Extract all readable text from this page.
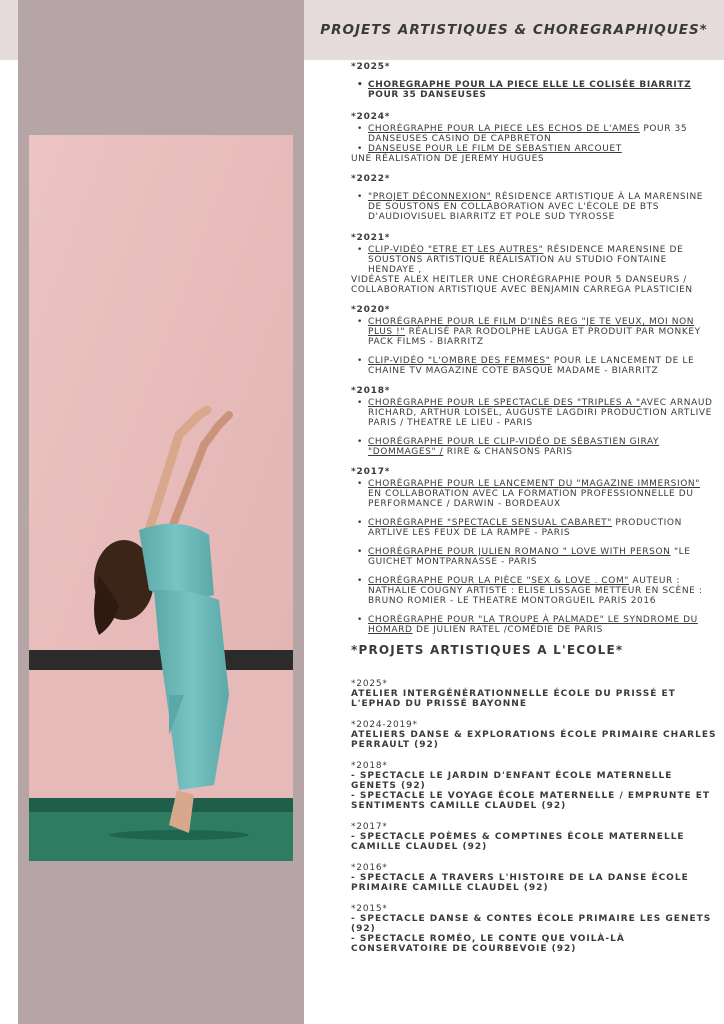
PROJETS ARTISTIQUES & CHOREGRAPHIQUES*
*2025*
• CHOREGRAPHE POUR LA PIECE ELLE LE COLISÉE BIARRITZ
POUR 35 DANSEUSES
*2024*
• CHORÉGRAPHE POUR LA PIECE LES ECHOS DE L'AMES POUR 35 DANSEUSES CASINO DE CAPBRETON
• DANSEUSE POUR LE FILM DE SEBASTIEN ARCOUET
UNE RÉALISATION DE JEREMY HUGUES
*2022*
• "PROJET DÉCONNEXION" RÉSIDENCE ARTISTIQUE À LA MARENSINE DE SOUSTONS EN COLLABORATION AVEC L'ÉCOLE DE BTS D'AUDIOVISUEL BIARRITZ ET POLE SUD TYROSSE
*2021*
• CLIP-VIDÉO "ETRE ET LES AUTRES" RÉSIDENCE MARENSINE DE SOUSTONS ARTISTIQUE RÉALISATION AU STUDIO FONTAINE HENDAYE ,
VIDÉASTE ALEX HEITLER UNE CHORÉGRAPHIE POUR 5 DANSEURS / COLLABORATION ARTISTIQUE AVEC BENJAMIN CARREGA PLASTICIEN
*2020*
• CHORÉGRAPHE POUR LE FILM D'INÈS REG "JE TE VEUX, MOI NON PLUS !" RÉALISÉ PAR RODOLPHE LAUGA ET PRODUIT PAR MONKEY PACK FILMS - BIARRITZ
• CLIP-VIDÉO "L'OMBRE DES FEMMES" POUR LE LANCEMENT DE LE CHAINE TV MAGAZINE COTE BASQUE MADAME - BIARRITZ
*2018*
• CHORÉGRAPHE POUR LE SPECTACLE DES "TRIPLES A "AVEC ARNAUD RICHARD, ARTHUR LOISEL, AUGUSTE LAGDIRI PRODUCTION ARTLIVE PARIS / THEATRE LE LIEU - PARIS
• CHORÉGRAPHE POUR LE CLIP-VIDÉO DE SÉBASTIEN GIRAY "DOMMAGES" / RIRE & CHANSONS PARIS
*2017*
• CHORÉGRAPHE POUR LE LANCEMENT DU "MAGAZINE IMMERSION" EN COLLABORATION AVEC LA FORMATION PROFESSIONNELLE DU PERFORMANCE / DARWIN - BORDEAUX
• CHORÉGRAPHE "SPECTACLE SENSUAL CABARET" PRODUCTION ARTLIVE LES FEUX DE LA RAMPE - PARIS
• CHORÉGRAPHE POUR JULIEN ROMANO " LOVE WITH PERSON "LE GUICHET MONTPARNASSE - PARIS
• CHORÉGRAPHE POUR LA PIÈCE "SEX & LOVE . COM" AUTEUR : NATHALIE COUGNY ARTISTE : ELISE LISSAGE METTEUR EN SCÈNE : BRUNO ROMIER - LE THEATRE MONTORGUEIL PARIS 2016
• CHORÉGRAPHE POUR "LA TROUPE À PALMADE" LE SYNDROME DU HOMARD DE JULIEN RATEL /COMÉDIE DE PARIS
*PROJETS ARTISTIQUES A L'ECOLE*
*2025*
ATELIER INTERGÉNÉRATIONNELLE ÉCOLE DU PRISSÉ ET L'EPHAD DU PRISSÉ BAYONNE
*2024-2019*
ATELIERS DANSE & EXPLORATIONS ÉCOLE PRIMAIRE CHARLES PERRAULT (92)
*2018*
- SPECTACLE LE JARDIN D'ENFANT ÉCOLE MATERNELLE GENETS (92)
- SPECTACLE LE VOYAGE ÉCOLE MATERNELLE / EMPRUNTE ET SENTIMENTS CAMILLE CLAUDEL (92)
*2017*
- SPECTACLE POÈMES & COMPTINES ÉCOLE MATERNELLE CAMILLE CLAUDEL (92)
*2016*
- SPECTACLE A TRAVERS L'HISTOIRE DE LA DANSE ÉCOLE PRIMAIRE CAMILLE CLAUDEL (92)
*2015*
- SPECTACLE DANSE & CONTES ÉCOLE PRIMAIRE LES GENETS (92)
- SPECTACLE ROMÉO, LE CONTE QUE VOILÀ-LÀ CONSERVATOIRE DE COURBEVOIE (92)
